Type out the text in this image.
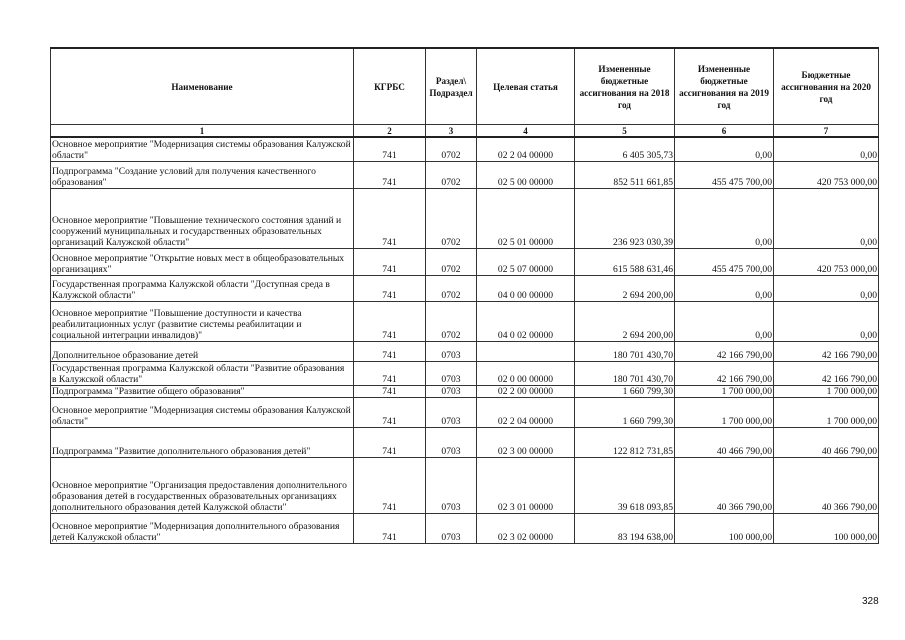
Наименование	КГРБС	Раздел\ Подраздел	Целевая статья	Измененные бюджетные ассигнования на 2018 год	Измененные бюджетные ассигнования на 2019 год	Бюджетные ассигнования на 2020 год
1	2	3	4	5	6	7
Основное мероприятие "Модернизация системы образования Калужской области"	741	0702	02 2 04 00000	6 405 305,73	0,00	0,00
Подпрограмма "Создание условий для получения качественного образования"	741	0702	02 5 00 00000	852 511 661,85	455 475 700,00	420 753 000,00
Основное мероприятие "Повышение технического состояния зданий и сооружений муниципальных и государственных образовательных организаций Калужской области"	741	0702	02 5 01 00000	236 923 030,39	0,00	0,00
Основное мероприятие "Открытие новых мест в общеобразовательных организациях"	741	0702	02 5 07 00000	615 588 631,46	455 475 700,00	420 753 000,00
Государственная программа Калужской области "Доступная среда в Калужской области"	741	0702	04 0 00 00000	2 694 200,00	0,00	0,00
Основное мероприятие "Повышение доступности и качества реабилитационных услуг (развитие системы реабилитации и социальной интеграции инвалидов)"	741	0702	04 0 02 00000	2 694 200,00	0,00	0,00
Дополнительное образование детей	741	0703		180 701 430,70	42 166 790,00	42 166 790,00
Государственная программа Калужской области "Развитие образования в Калужской области"	741	0703	02 0 00 00000	180 701 430,70	42 166 790,00	42 166 790,00
Подпрограмма "Развитие общего образования"	741	0703	02 2 00 00000	1 660 799,30	1 700 000,00	1 700 000,00
Основное мероприятие "Модернизация системы образования Калужской области"	741	0703	02 2 04 00000	1 660 799,30	1 700 000,00	1 700 000,00
Подпрограмма "Развитие дополнительного образования детей"	741	0703	02 3 00 00000	122 812 731,85	40 466 790,00	40 466 790,00
Основное мероприятие "Организация предоставления дополнительного образования детей в государственных образовательных организациях дополнительного образования детей Калужской области"	741	0703	02 3 01 00000	39 618 093,85	40 366 790,00	40 366 790,00
Основное мероприятие "Модернизация дополнительного образования детей Калужской области"	741	0703	02 3 02 00000	83 194 638,00	100 000,00	100 000,00
328
